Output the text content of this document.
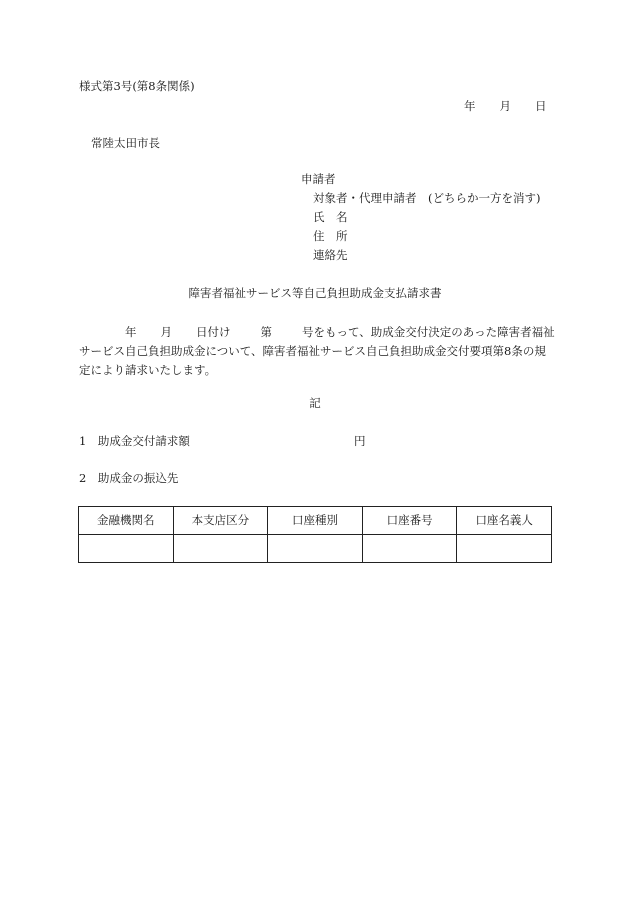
様式第3号(第8条関係)
年 月 日
常陸太田市長
申請者
対象者・代理申請者　(どちらか一方を消す)
氏　名
住　所
連絡先
障害者福祉サービス等自己負担助成金支払請求書
年 月 日付け	第	号をもって、助成金交付決定のあった障害者福祉サービス自己負担助成金について、障害者福祉サービス自己負担助成金交付要項第8条の規定により請求いたします。
記
1　助成金交付請求額	円
2　助成金の振込先
金融機関名	本支店区分	口座種別	口座番号	口座名義人
